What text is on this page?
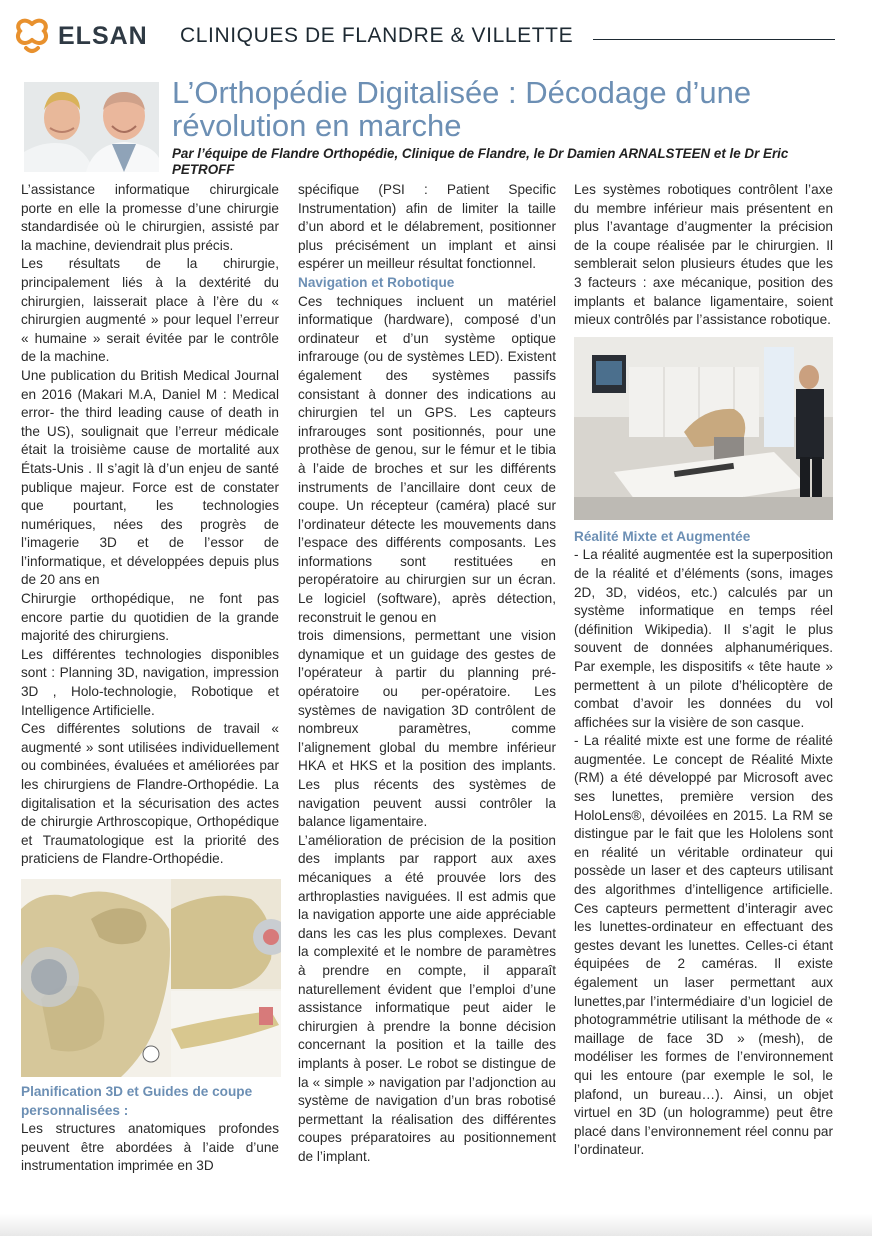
ELSAN CLINIQUES DE FLANDRE & VILLETTE
L’Orthopédie Digitalisée : Décodage d’une révolution en marche
Par l’équipe de Flandre Orthopédie, Clinique de Flandre, le Dr Damien ARNALSTEEN et le Dr Eric PETROFF

L’assistance informatique chirurgicale porte en elle la promesse d’une chirurgie standardisée où le chirurgien, assisté par la machine, deviendrait plus précis.

Les résultats de la chirurgie, principalement liés à la dextérité du chirurgien, laisserait place à l’ère du « chirurgien augmenté » pour lequel l’erreur « humaine » serait évitée par le contrôle de la machine.

Une publication du British Medical Journal en 2016 (Makari M.A, Daniel M : Medical error- the third leading cause of death in the US), soulignait que l’erreur médicale était la troisième cause de mortalité aux États-Unis . Il s’agit là d’un enjeu de santé publique majeur. Force est de constater que pourtant, les technologies numériques, nées des progrès de l’imagerie 3D et de l’essor de l’informatique, et développées depuis plus de 20 ans en

Chirurgie orthopédique, ne font pas encore partie du quotidien de la grande majorité des chirurgiens.

Les différentes technologies disponibles sont : Planning 3D, navigation, impression 3D , Holo-technologie, Robotique et Intelligence Artificielle.

Ces différentes solutions de travail « augmenté » sont utilisées individuellement ou combinées, évaluées et améliorées par les chirurgiens de Flandre-Orthopédie. La digitalisation et la sécurisation des actes de chirurgie Arthroscopique, Orthopédique et Traumatologique est la priorité des praticiens de Flandre-Orthopédie.

Planification 3D et Guides de coupe personnalisées :

Les structures anatomiques profondes peuvent être abordées à l’aide d’une instrumentation imprimée en 3D

spécifique (PSI : Patient Specific Instrumentation) afin de limiter la taille d’un abord et le délabrement, positionner plus précisément un implant et ainsi espérer un meilleur résultat fonctionnel.

Navigation et Robotique

Ces techniques incluent un matériel informatique (hardware), composé d’un ordinateur et d’un système optique infrarouge (ou de systèmes LED). Existent également des systèmes passifs consistant à donner des indications au chirurgien tel un GPS. Les capteurs infrarouges sont positionnés, pour une prothèse de genou, sur le fémur et le tibia à l’aide de broches et sur les différents instruments de l’ancillaire dont ceux de coupe. Un récepteur (caméra) placé sur l’ordinateur détecte les mouvements dans l’espace des différents composants. Les informations sont restituées en peropératoire au chirurgien sur un écran. Le logiciel (software), après détection, reconstruit le genou en

trois dimensions, permettant une vision dynamique et un guidage des gestes de l’opérateur à partir du planning pré-opératoire ou per-opératoire. Les systèmes de navigation 3D contrôlent de nombreux paramètres, comme l’alignement global du membre inférieur HKA et HKS et la position des implants. Les plus récents des systèmes de navigation peuvent aussi contrôler la balance ligamentaire.

L’amélioration de précision de la position des implants par rapport aux axes mécaniques a été prouvée lors des arthroplasties naviguées. Il est admis que la navigation apporte une aide appréciable dans les cas les plus complexes. Devant la complexité et le nombre de paramètres à prendre en compte, il apparaît naturellement évident que l’emploi d’une assistance informatique peut aider le chirurgien à prendre la bonne décision concernant la position et la taille des implants à poser. Le robot se distingue de la « simple » navigation par l’adjonction au système de navigation d’un bras robotisé permettant la réalisation des différentes coupes préparatoires au positionnement de l’implant.

Les systèmes robotiques contrôlent l’axe du membre inférieur mais présentent en plus l’avantage d’augmenter la précision de la coupe réalisée par le chirurgien. Il semblerait selon plusieurs études que les 3 facteurs : axe mécanique, position des implants et balance ligamentaire, soient mieux contrôlés par l’assistance robotique.

Réalité Mixte et Augmentée

- La réalité augmentée est la superposition de la réalité et d’éléments (sons, images 2D, 3D, vidéos, etc.) calculés par un système informatique en temps réel (définition Wikipedia). Il s’agit le plus souvent de données alphanumériques. Par exemple, les dispositifs « tête haute » permettent à un pilote d’hélicoptère de combat d’avoir les données du vol affichées sur la visière de son casque.

- La réalité mixte est une forme de réalité augmentée. Le concept de Réalité Mixte (RM) a été développé par Microsoft avec ses lunettes, première version des HoloLens®, dévoilées en 2015. La RM se distingue par le fait que les Hololens sont en réalité un véritable ordinateur qui possède un laser et des capteurs utilisant des algorithmes d’intelligence artificielle. Ces capteurs permettent d’interagir avec les lunettes-ordinateur en effectuant des gestes devant les lunettes. Celles-ci étant équipées de 2 caméras. Il existe également un laser permettant aux lunettes,par l’intermédiaire d’un logiciel de photogrammétrie utilisant la méthode de « maillage de face 3D » (mesh), de modéliser les formes de l’environnement qui les entoure (par exemple le sol, le plafond, un bureau…). Ainsi, un objet virtuel en 3D (un hologramme) peut être placé dans l’environnement réel connu par l’ordinateur.
